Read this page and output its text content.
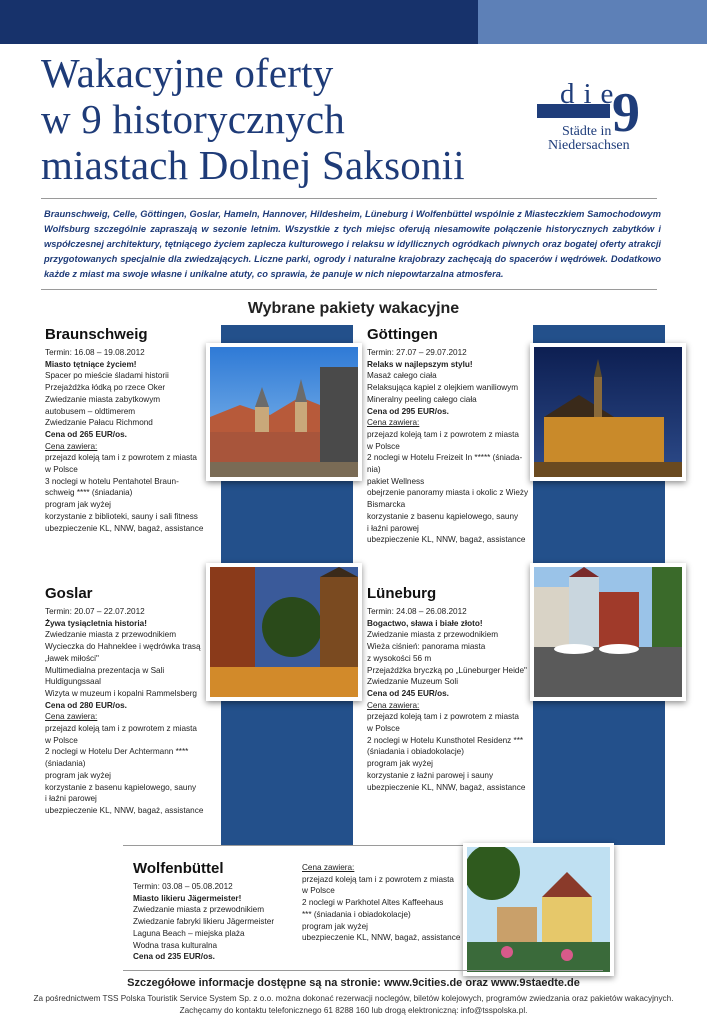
Wakacyjne oferty
w 9 historycznych
miastach Dolnej Saksonii
die
9
Städte in
Niedersachsen
Braunschweig, Celle, Göttingen, Goslar, Hameln, Hannover, Hildesheim, Lüneburg i Wolfenbüttel wspólnie z Miasteczkiem Samochodowym Wolfsburg szczególnie zapraszają w sezonie letnim. Wszystkie z tych miejsc oferują niesamowite połączenie historycznych zabytków i współczesnej architektury, tętniącego życiem zaplecza kulturowego i relaksu w idyllicznych ogródkach piwnych oraz bogatej oferty atrakcji przygotowanych specjalnie dla zwiedzających. Liczne parki, ogrody i naturalne krajobrazy zachęcają do spacerów i wędrówek. Dodatkowo każde z miast ma swoje własne i unikalne atuty, co sprawia, że panuje w nich niepowtarzalna atmosfera.
Wybrane pakiety wakacyjne
Braunschweig
Termin: 16.08 – 19.08.2012
Miasto tętniące życiem!
Spacer po mieście śladami historii
Przejażdżka łódką po rzece Oker
Zwiedzanie miasta zabytkowym
autobusem – oldtimerem
Zwiedzanie Pałacu Richmond
Cena od 265 EUR/os.
Cena zawiera:
przejazd koleją tam i z powrotem z miasta
w Polsce
3 noclegi w hotelu Pentahotel Braun-
schweig **** (śniadania)
program jak wyżej
korzystanie z biblioteki, sauny i sali fitness
ubezpieczenie KL, NNW, bagaż, assistance
Göttingen
Termin: 27.07 – 29.07.2012
Relaks w najlepszym stylu!
Masaż całego ciała
Relaksująca kąpiel z olejkiem waniliowym
Mineralny peeling całego ciała
Cena od 295 EUR/os.
Cena zawiera:
przejazd koleją tam i z powrotem z miasta
w Polsce
2 noclegi w Hotelu Freizeit In ***** (śniada-
nia)
pakiet Wellness
obejrzenie panoramy miasta i okolic z Wieży
Bismarcka
korzystanie z basenu kąpielowego, sauny
i łaźni parowej
ubezpieczenie KL, NNW, bagaż, assistance
Goslar
Termin: 20.07 – 22.07.2012
Żywa tysiącletnia historia!
Zwiedzanie miasta z przewodnikiem
Wycieczka do Hahneklee i wędrówka trasą
„ławek miłości"
Multimedialna prezentacja w Sali
Huldigungssaal
Wizyta w muzeum i kopalni Rammelsberg
Cena od 280 EUR/os.
Cena zawiera:
przejazd koleją tam i z powrotem z miasta
w Polsce
2 noclegi w Hotelu Der Achtermann ****
(śniadania)
program jak wyżej
korzystanie z basenu kąpielowego, sauny
i łaźni parowej
ubezpieczenie KL, NNW, bagaż, assistance
Lüneburg
Termin: 24.08 – 26.08.2012
Bogactwo, sława i białe złoto!
Zwiedzanie miasta z przewodnikiem
Wieża ciśnień: panorama miasta
z wysokości 56 m
Przejażdżka bryczką po „Lüneburger Heide"
Zwiedzanie Muzeum Soli
Cena od 245 EUR/os.
Cena zawiera:
przejazd koleją tam i z powrotem z miasta
w Polsce
2 noclegi w Hotelu Kunsthotel Residenz ***
(śniadania i obiadokolacje)
program jak wyżej
korzystanie z łaźni parowej i sauny
ubezpieczenie KL, NNW, bagaż, assistance
Wolfenbüttel
Termin: 03.08 – 05.08.2012
Miasto likieru Jägermeister!
Zwiedzanie miasta z przewodnikiem
Zwiedzanie fabryki likieru Jägermeister
Laguna Beach – miejska plaża
Wodna trasa kulturalna
Cena od 235 EUR/os.
Cena zawiera:
przejazd koleją tam i z powrotem z miasta
w Polsce
2 noclegi w Parkhotel Altes Kaffeehaus
*** (śniadania i obiadokolacje)
program jak wyżej
ubezpieczenie KL, NNW, bagaż, assistance
Szczegółowe informacje dostępne są na stronie: www.9cities.de oraz www.9staedte.de
Za pośrednictwem TSS Polska Touristik Service System Sp. z o.o. można dokonać rezerwacji noclegów, biletów kolejowych, programów zwiedzania oraz pakietów wakacyjnych.
Zachęcamy do kontaktu telefonicznego 61 8288 160 lub drogą elektroniczną: info@tsspolska.pl.
